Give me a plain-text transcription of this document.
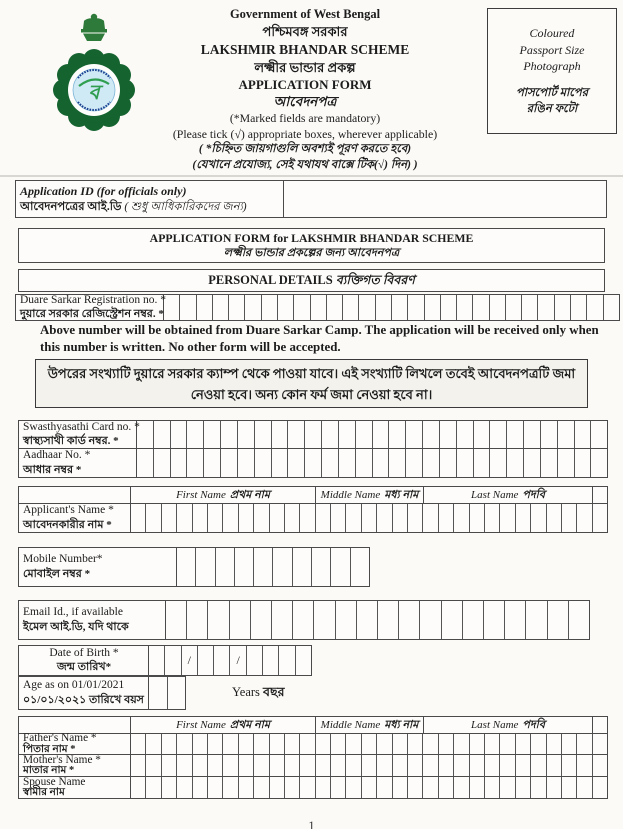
ব
Government of West Bengal
পশ্চিমবঙ্গ সরকার
LAKSHMIR BHANDAR SCHEME
লক্ষ্মীর ভান্ডার প্রকল্প
APPLICATION FORM
আবেদনপত্র
(*Marked fields are mandatory)
(Please tick (√) appropriate boxes, wherever applicable)
( *চিহ্নিত জায়গাগুলি অবশ্যই পূরণ করতে হবে)
(যেখানে প্রযোজ্য, সেই যথাযথ বাক্সে টিক(√) দিন) )
Coloured
Passport Size
Photograph
পাসপোর্ট মাপের
রঙিন ফটো
Application ID (for officials only)
আবেদনপত্রের আই.ডি ( শুধু আধিকারিকদের জন্য)
APPLICATION FORM for LAKSHMIR BHANDAR SCHEME
লক্ষ্মীর ভান্ডার প্রকল্পের জন্য আবেদনপত্র
PERSONAL DETAILS ব্যক্তিগত বিবরণ
Duare Sarkar Registration no. *
দুয়ারে সরকার রেজিস্ট্রেশন নম্বর. *
Above number will be obtained from Duare Sarkar Camp. The application will be received only when this number is written. No other form will be accepted.
উপরের সংখ্যাটি দুয়ারে সরকার ক্যাম্প থেকে পাওয়া যাবে। এই সংখ্যাটি লিখলে তবেই আবেদনপত্রটি জমা নেওয়া হবে। অন্য কোন ফর্ম জমা নেওয়া হবে না।
Swasthyasathi Card no. *
স্বাস্থ্যসাথী কার্ড নম্বর. *
Aadhaar No. *
আধার নম্বর *
First Name প্রথম নাম	Middle Name মধ্য নাম	Last Name পদবি
Applicant's Name *
আবেদনকারীর নাম *
Mobile Number*
মোবাইল নম্বর *
Email Id., if available
ইমেল আই.ডি, যদি থাকে
Date of Birth *
জন্ম তারিখ*
/	/
Age as on 01/01/2021
০১/০১/২০২১ তারিখে বয়স
Years বছর
First Name প্রথম নাম	Middle Name মধ্য নাম	Last Name পদবি
Father's Name *
পিতার নাম *
Mother's Name *
মাতার নাম *
Spouse Name
স্বামীর নাম
1
